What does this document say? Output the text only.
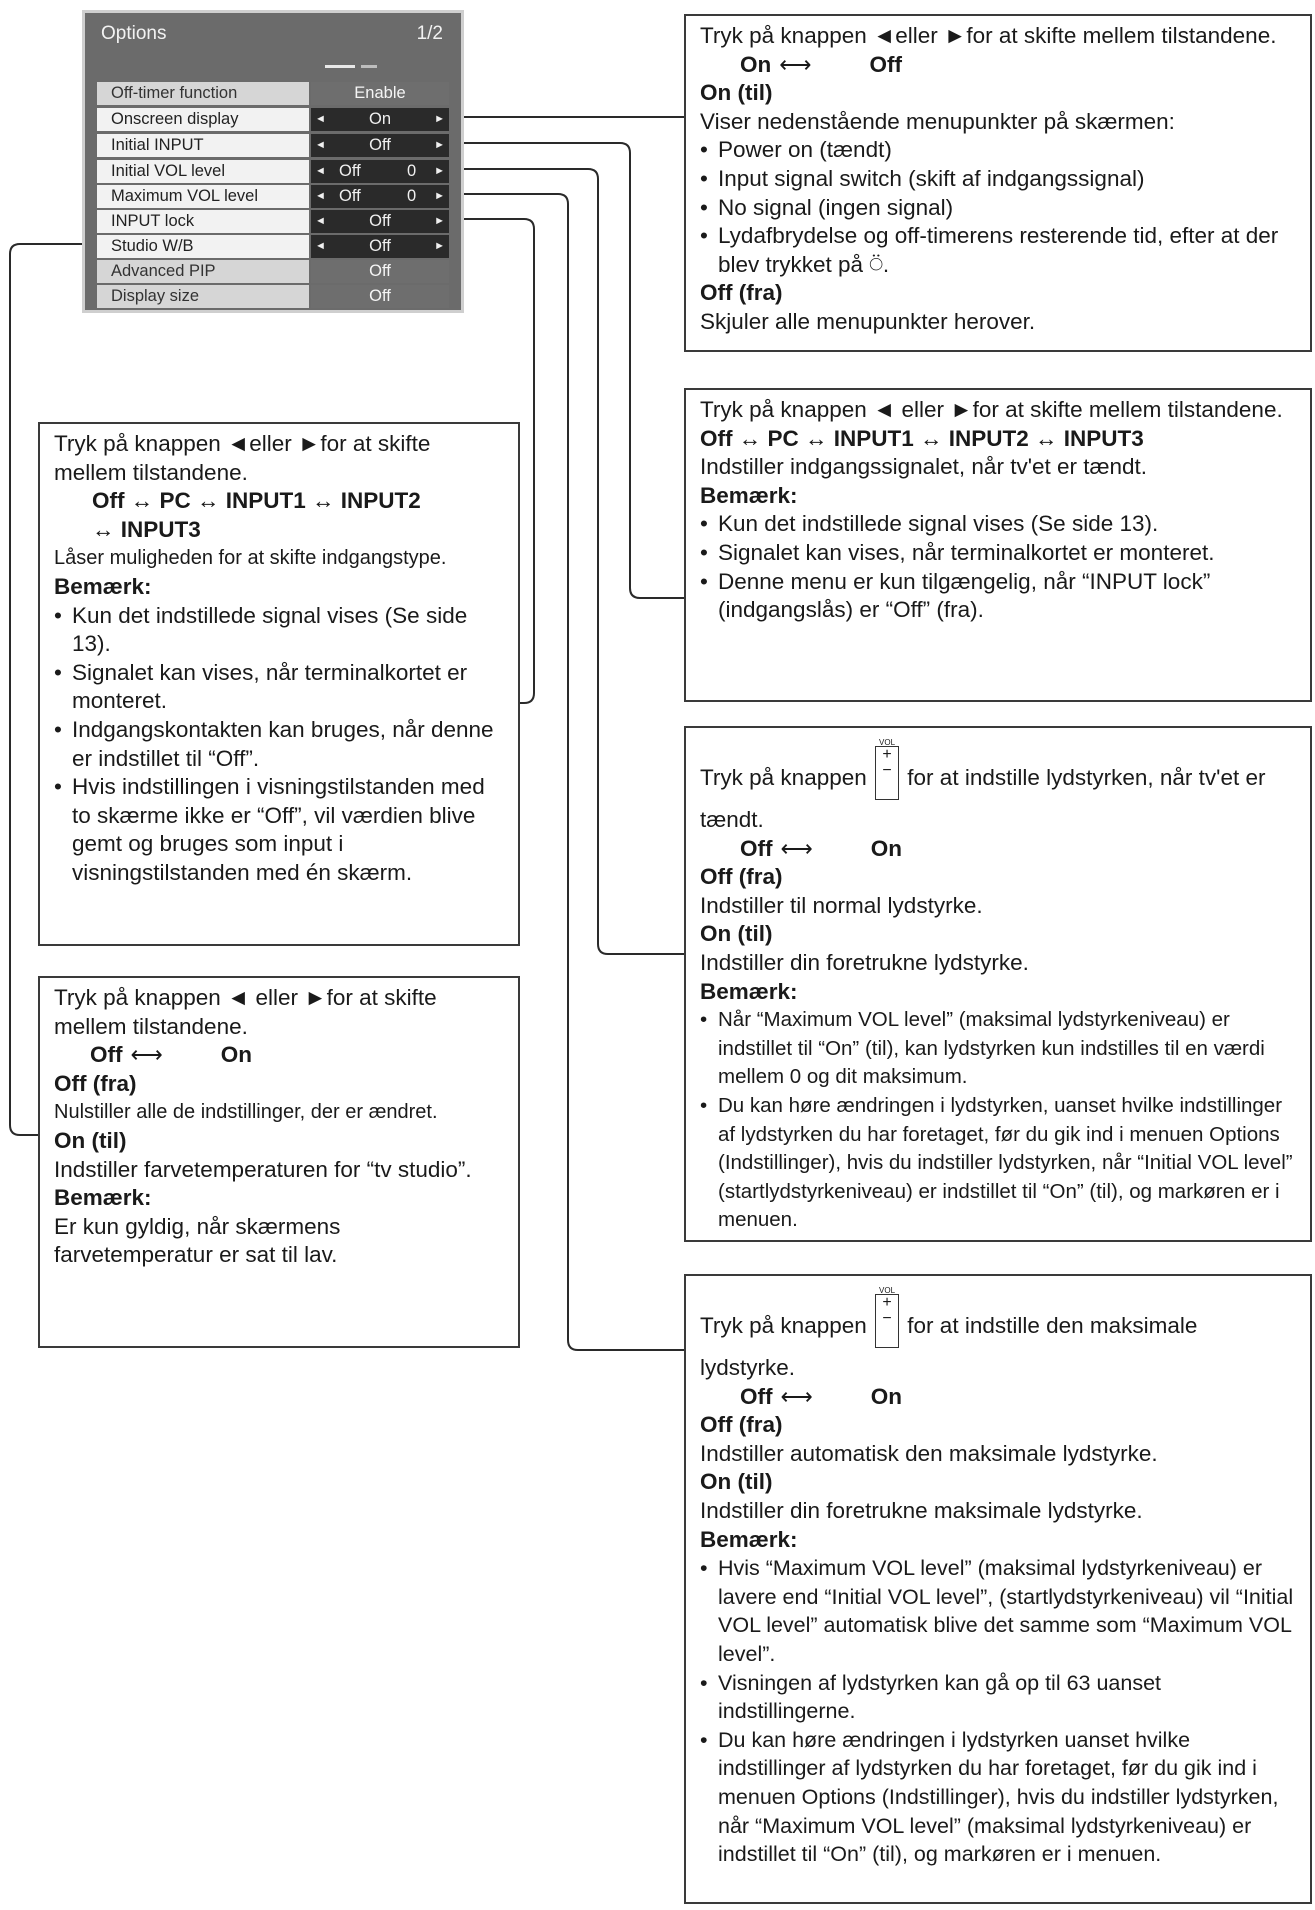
Options	1/2
Off-timer function	Enable
Onscreen display	◄	On	►
Initial INPUT	◄	Off	►
Initial VOL level	◄ Off	0 ►
Maximum VOL level	◄ Off	0 ►
INPUT lock	◄	Off	►
Studio W/B	◄	Off	►
Advanced PIP	Off
Display size	Off

Tryk på knappen ◄eller ►for at skifte mellem tilstandene.

On ⟷	Off

On (til)

Viser nedenstående menupunkter på skærmen:

• Power on (tændt)
• Input signal switch (skift af indgangssignal)
• No signal (ingen signal)
• Lydafbrydelse og off-timerens resterende tid, efter at der blev trykket på ⍥.

Off (fra)

Skjuler alle menupunkter herover.

Tryk på knappen ◄ eller ►for at skifte mellem tilstandene.

Off ↔ PC ↔ INPUT1 ↔ INPUT2 ↔ INPUT3

Indstiller indgangssignalet, når tv'et er tændt.

Bemærk:

• Kun det indstillede signal vises (Se side 13).
• Signalet kan vises, når terminalkortet er monteret.
• Denne menu er kun tilgængelig, når “INPUT lock” (indgangslås) er “Off” (fra).

Tryk på knappen ◄eller ►for at skifte mellem tilstandene.

Off ↔ PC ↔ INPUT1 ↔ INPUT2

↔ INPUT3

Låser muligheden for at skifte indgangstype.

Bemærk:

• Kun det indstillede signal vises (Se side 13).
• Signalet kan vises, når terminalkortet er monteret.
• Indgangskontakten kan bruges, når denne er indstillet til “Off”.
• Hvis indstillingen i visningstilstanden med to skærme ikke er “Off”, vil værdien blive gemt og bruges som input i visningstilstanden med én skærm.

Tryk på knappen
VOL
+
− for at indstille lydstyrken, når tv'et er tændt.

Off ⟷	On

Off (fra)

Indstiller til normal lydstyrke.

On (til)

Indstiller din foretrukne lydstyrke.

Bemærk:

• Når “Maximum VOL level” (maksimal lydstyrkeniveau) er indstillet til “On” (til), kan lydstyrken kun indstilles til en værdi mellem 0 og dit maksimum.
• Du kan høre ændringen i lydstyrken, uanset hvilke indstillinger af lydstyrken du har foretaget, før du gik ind i menuen Options (Indstillinger), hvis du indstiller lydstyrken, når “Initial VOL level” (startlydstyrkeniveau) er indstillet til “On” (til), og markøren er i menuen.

Tryk på knappen ◄ eller ►for at skifte mellem tilstandene.

Off ⟷	On

Off (fra)

Nulstiller alle de indstillinger, der er ændret.

On (til)

Indstiller farvetemperaturen for “tv studio”.

Bemærk:

Er kun gyldig, når skærmens farvetemperatur er sat til lav.

Tryk på knappen
VOL
+
− for at indstille den maksimale lydstyrke.

Off ⟷	On

Off (fra)

Indstiller automatisk den maksimale lydstyrke.

On (til)

Indstiller din foretrukne maksimale lydstyrke.

Bemærk:

• Hvis “Maximum VOL level” (maksimal lydstyrkeniveau) er lavere end “Initial VOL level”, (startlydstyrkeniveau) vil “Initial VOL level” automatisk blive det samme som “Maximum VOL level”.
• Visningen af lydstyrken kan gå op til 63 uanset indstillingerne.
• Du kan høre ændringen i lydstyrken uanset hvilke indstillinger af lydstyrken du har foretaget, før du gik ind i menuen Options (Indstillinger), hvis du indstiller lydstyrken, når “Maximum VOL level” (maksimal lydstyrkeniveau) er indstillet til “On” (til), og markøren er i menuen.
